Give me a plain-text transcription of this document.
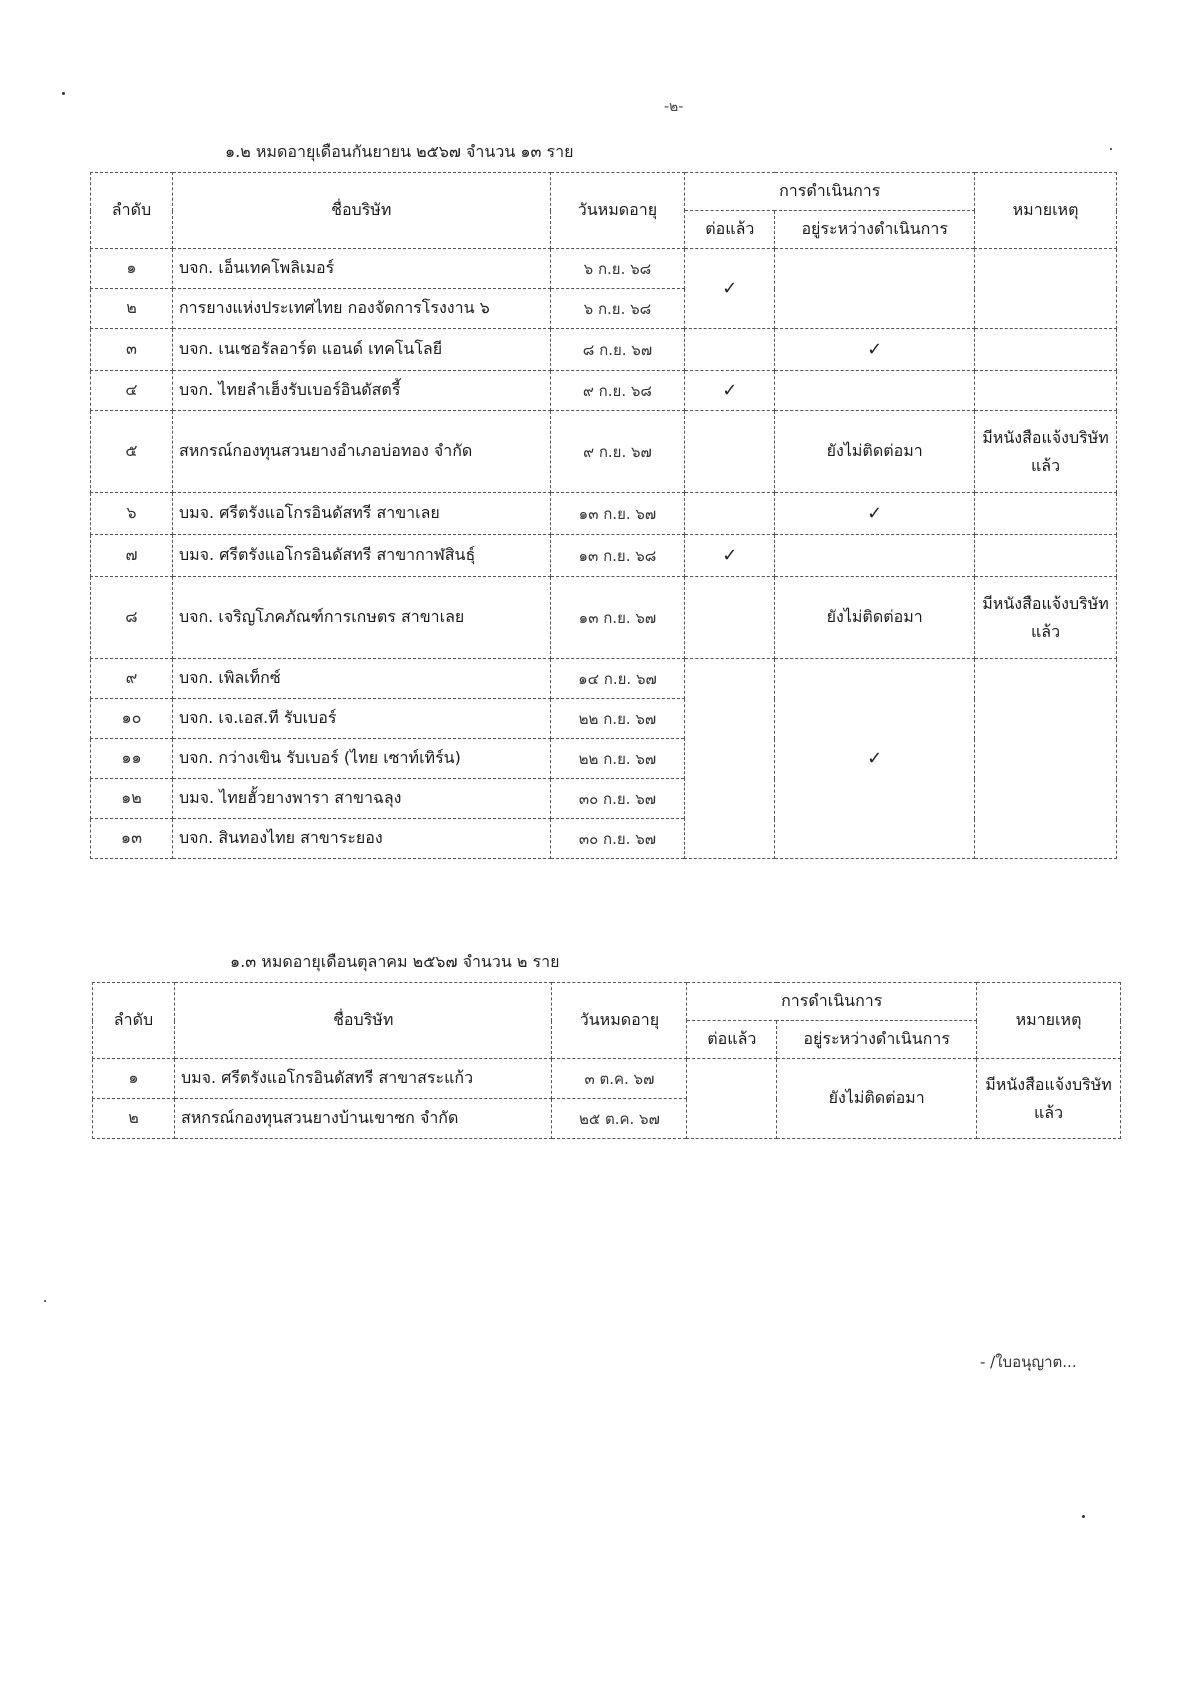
-๒-
๑.๒ หมดอายุเดือนกันยายน ๒๕๖๗ จำนวน ๑๓ ราย
ลำดับ	ชื่อบริษัท	วันหมดอายุ	การดำเนินการ		หมายเหตุ
			ต่อแล้ว	อยู่ระหว่างดำเนินการ	
๑	บจก. เอ็นเทคโพลิเมอร์	๖ ก.ย. ๖๘	✓		
๒	การยางแห่งประเทศไทย กองจัดการโรงงาน ๖	๖ ก.ย. ๖๘			
๓	บจก. เนเชอรัลอาร์ต แอนด์ เทคโนโลยี	๘ ก.ย. ๖๗		✓	
๔	บจก. ไทยลำเฮ็งรับเบอร์อินดัสตรี้	๙ ก.ย. ๖๘	✓		
๕	สหกรณ์กองทุนสวนยางอำเภอบ่อทอง จำกัด	๙ ก.ย. ๖๗		ยังไม่ติดต่อมา	มีหนังสือแจ้งบริษัทแล้ว
๖	บมจ. ศรีตรังแอโกรอินดัสทรี สาขาเลย	๑๓ ก.ย. ๖๗		✓	
๗	บมจ. ศรีตรังแอโกรอินดัสทรี สาขากาฬสินธุ์	๑๓ ก.ย. ๖๘	✓		
๘	บจก. เจริญโภคภัณฑ์การเกษตร สาขาเลย	๑๓ ก.ย. ๖๗		ยังไม่ติดต่อมา	มีหนังสือแจ้งบริษัทแล้ว
๙	บจก. เพิลเท็กซ์	๑๔ ก.ย. ๖๗		✓	
๑๐	บจก. เจ.เอส.ที รับเบอร์	๒๒ ก.ย. ๖๗			
๑๑	บจก. กว่างเขิน รับเบอร์ (ไทย เซาท์เทิร์น)	๒๒ ก.ย. ๖๗			
๑๒	บมจ. ไทยฮั้วยางพารา สาขาฉลุง	๓๐ ก.ย. ๖๗			
๑๓	บจก. สินทองไทย สาขาระยอง	๓๐ ก.ย. ๖๗			
๑.๓ หมดอายุเดือนตุลาคม ๒๕๖๗ จำนวน ๒ ราย
ลำดับ	ชื่อบริษัท	วันหมดอายุ	การดำเนินการ		หมายเหตุ
			ต่อแล้ว	อยู่ระหว่างดำเนินการ	
๑	บมจ. ศรีตรังแอโกรอินดัสทรี สาขาสระแก้ว	๓ ต.ค. ๖๗		ยังไม่ติดต่อมา	มีหนังสือแจ้งบริษัทแล้ว
๒	สหกรณ์กองทุนสวนยางบ้านเขาซก จำกัด	๒๕ ต.ค. ๖๗			
- /ใบอนุญาต...
